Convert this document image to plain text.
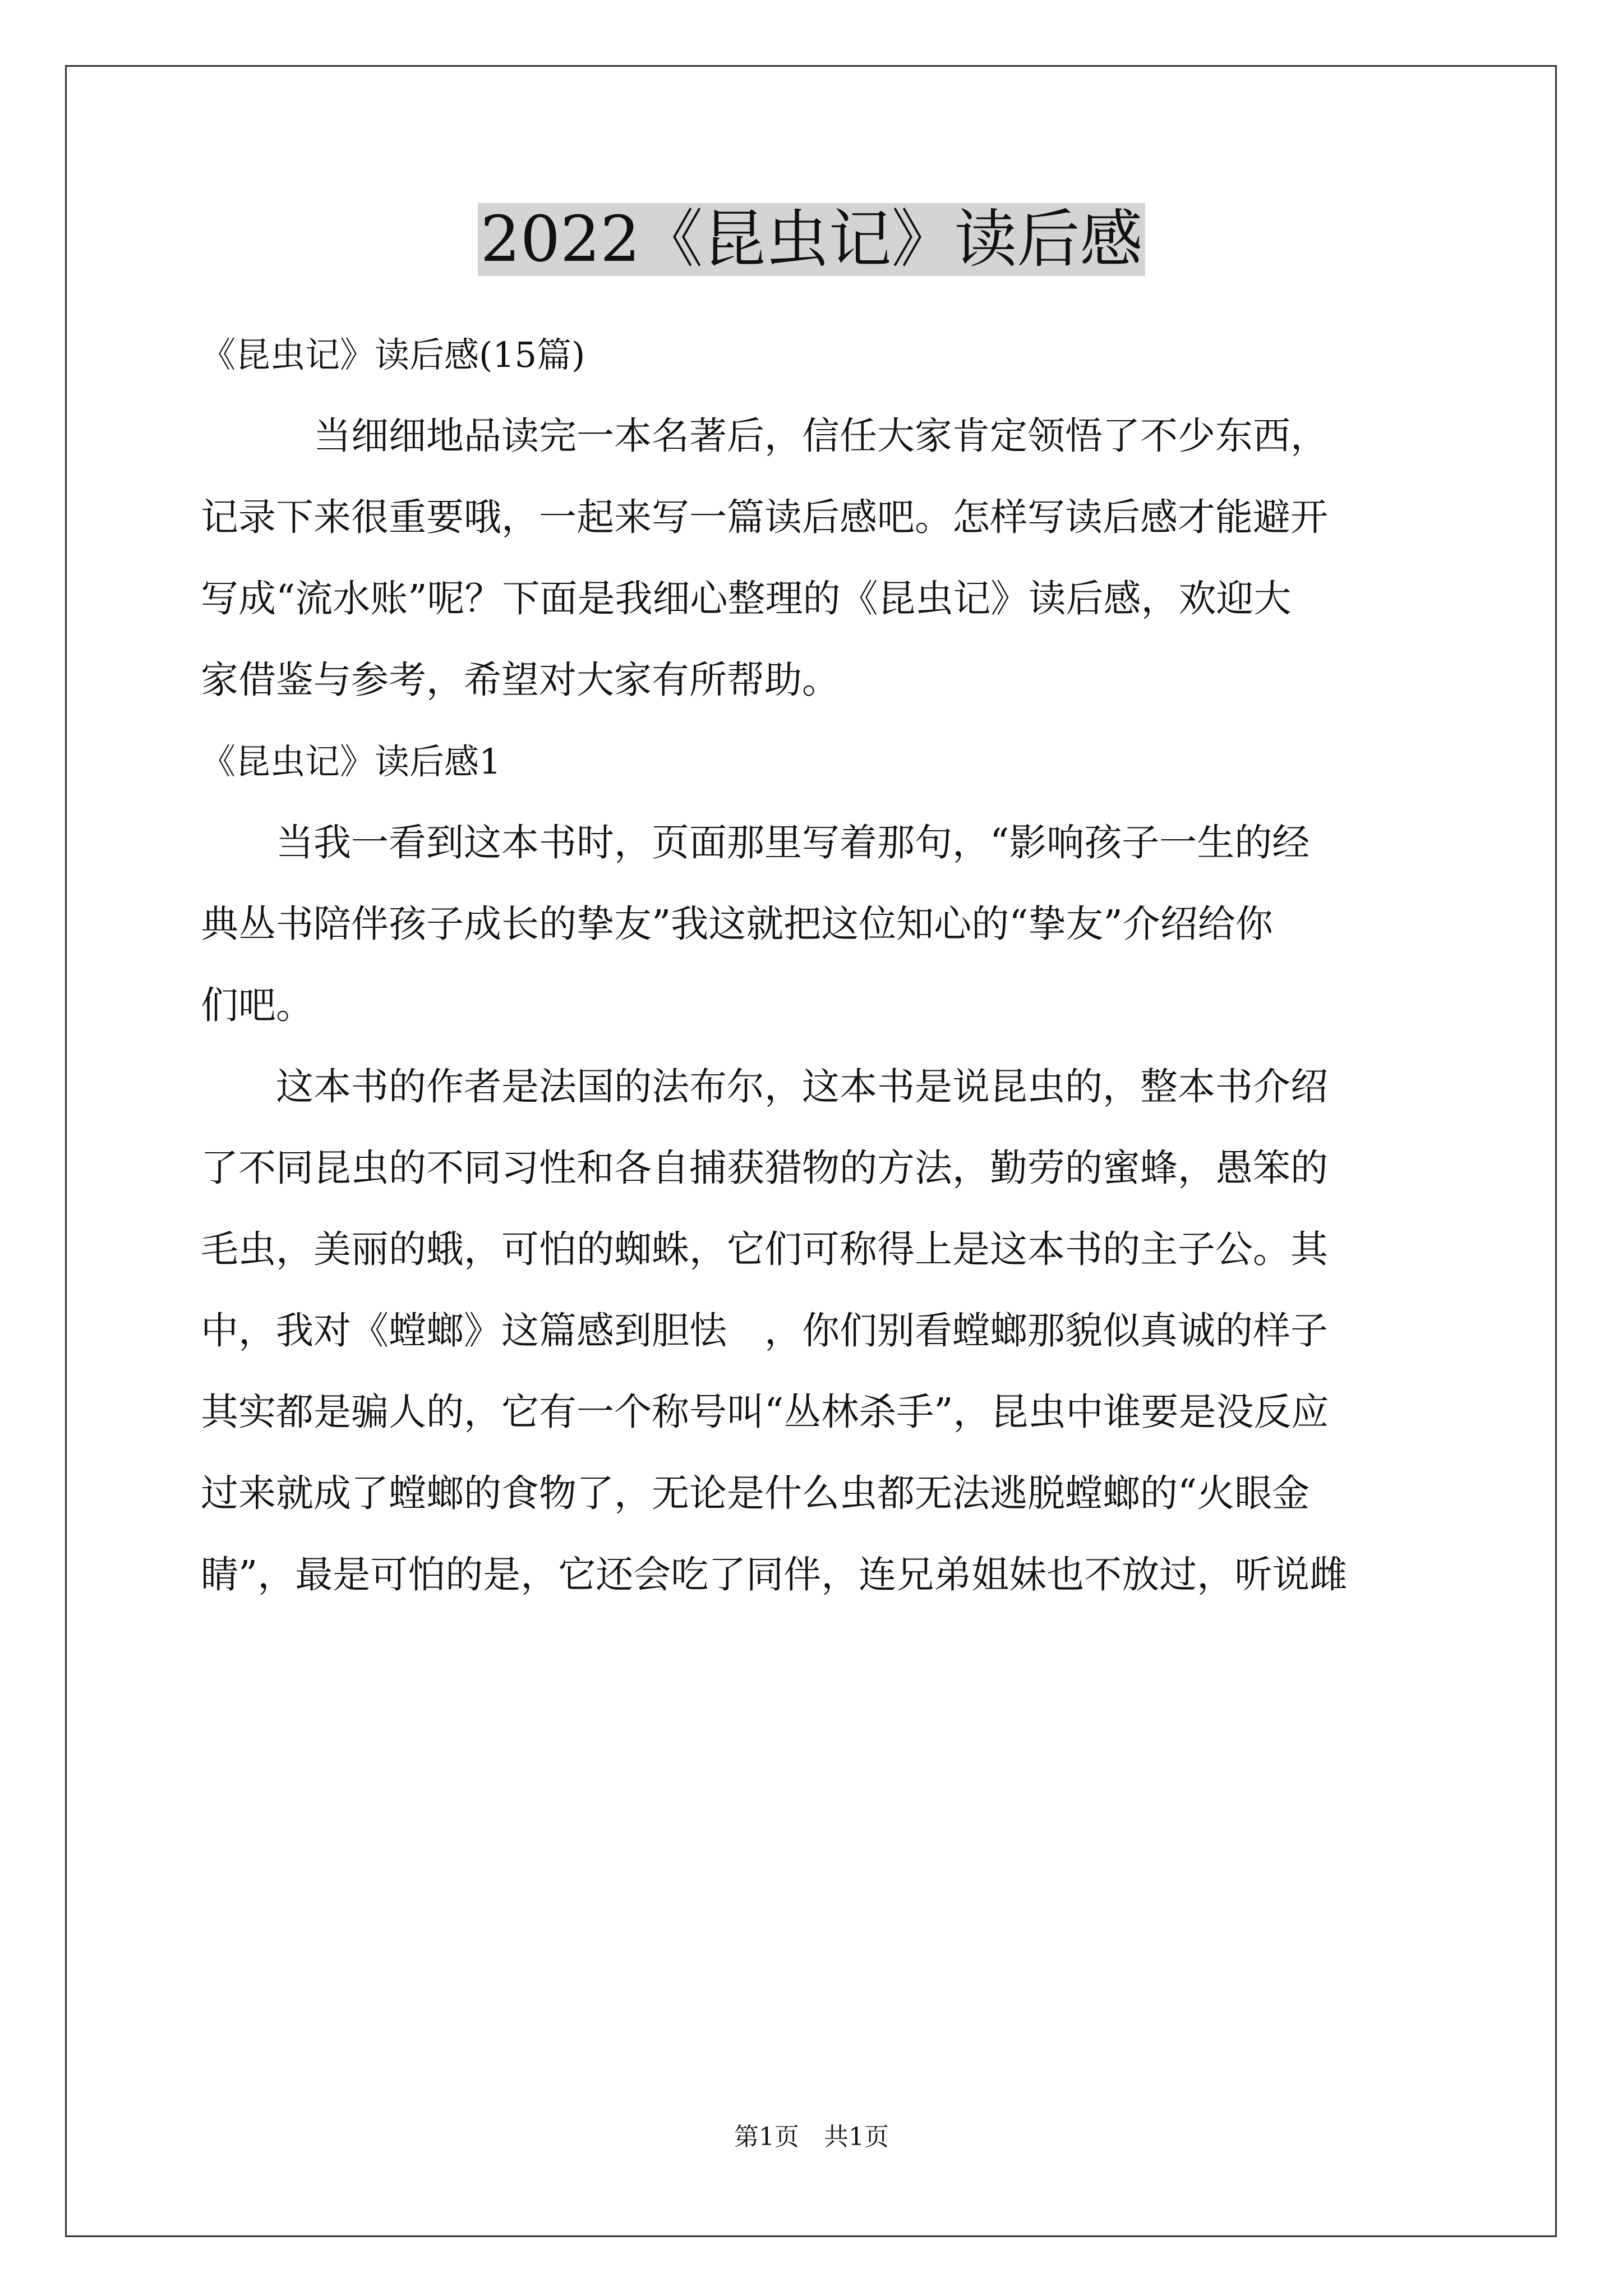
2022《昆虫记》读后感

《昆虫记》读后感(15篇)

　　　当细细地品读完一本名著后，信任大家肯定领悟了不少东西，

记录下来很重要哦，一起来写一篇读后感吧。怎样写读后感才能避开

写成“流水账”呢？下面是我细心整理的《昆虫记》读后感，欢迎大

家借鉴与参考，希望对大家有所帮助。

《昆虫记》读后感1

　　当我一看到这本书时，页面那里写着那句，“影响孩子一生的经

典丛书陪伴孩子成长的挚友”我这就把这位知心的“挚友”介绍给你

们吧。

　　这本书的作者是法国的法布尔，这本书是说昆虫的，整本书介绍

了不同昆虫的不同习性和各自捕获猎物的方法，勤劳的蜜蜂，愚笨的

毛虫，美丽的蛾，可怕的蜘蛛，它们可称得上是这本书的主子公。其

中，我对《螳螂》这篇感到胆怯　，你们别看螳螂那貌似真诚的样子

其实都是骗人的，它有一个称号叫“丛林杀手”，昆虫中谁要是没反应

过来就成了螳螂的食物了，无论是什么虫都无法逃脱螳螂的“火眼金

睛”，最是可怕的是，它还会吃了同伴，连兄弟姐妹也不放过，听说雌

第1页　共1页
